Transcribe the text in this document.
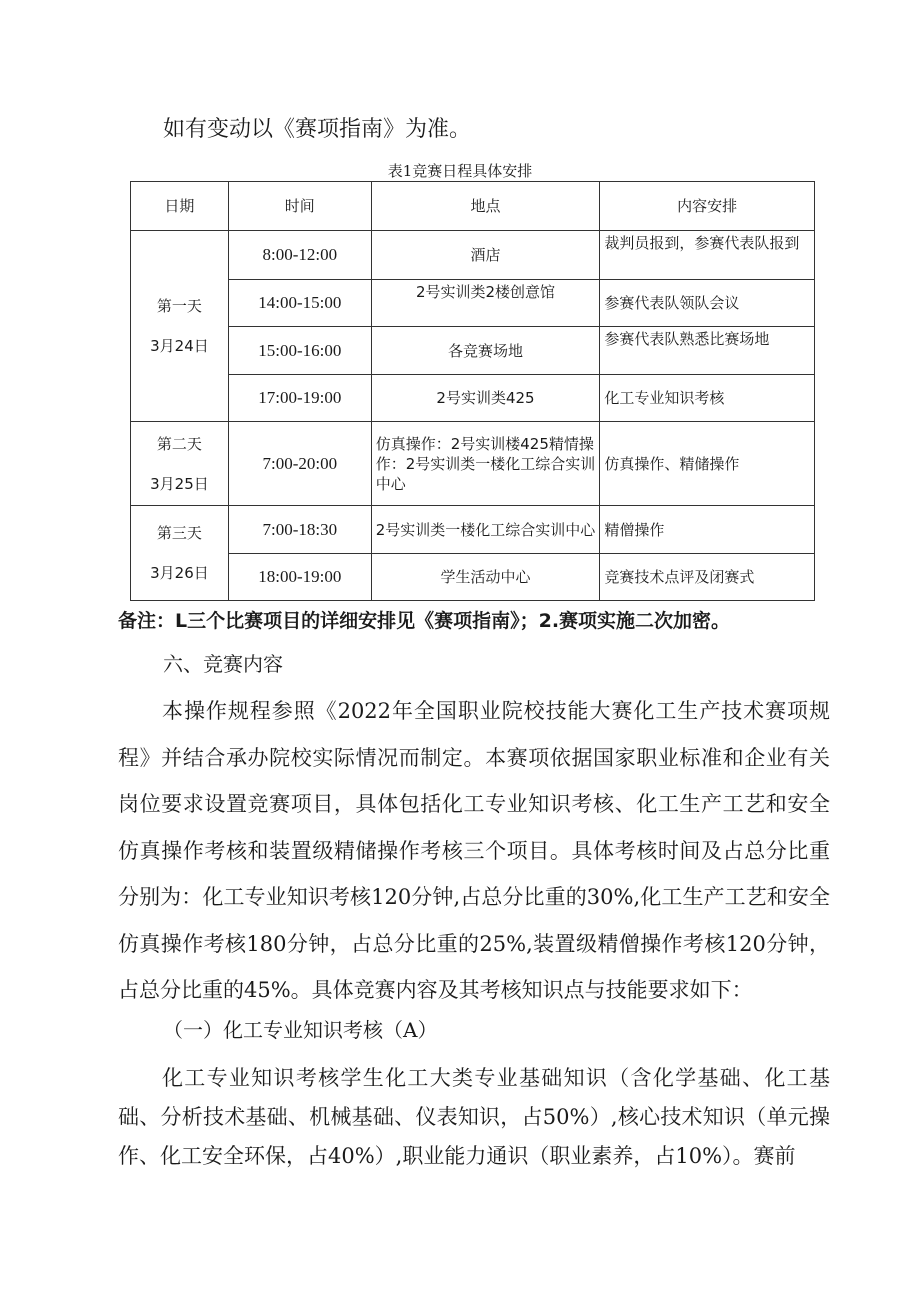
如有变动以《赛项指南》为准。
表1竞赛日程具体安排
日期	时间	地点	内容安排

第一天
3月24日	8:00-12:00	酒店	裁判员报到，参赛代表队报到
	14:00-15:00	2号实训类2楼创意馆	参赛代表队领队会议
	15:00-16:00	各竞赛场地	参赛代表队熟悉比赛场地
	17:00-19:00	2号实训类425	化工专业知识考核

第二天
3月25日	7:00-20:00	仿真操作：2号实训楼425精情操作：2号实训类一楼化工综合实训中心	仿真操作、精储操作

第三天
3月26日	7:00-18:30	2号实训类一楼化工综合实训中心	精僧操作
	18:00-19:00	学生活动中心	竞赛技术点评及闭赛式
备注：L三个比赛项目的详细安排见《赛项指南》；2.赛项实施二次加密。
六、竞赛内容
本操作规程参照《2022年全国职业院校技能大赛化工生产技术赛项规程》并结合承办院校实际情况而制定。本赛项依据国家职业标准和企业有关岗位要求设置竞赛项目，具体包括化工专业知识考核、化工生产工艺和安全仿真操作考核和装置级精储操作考核三个项目。具体考核时间及占总分比重分别为：化工专业知识考核120分钟,占总分比重的30%,化工生产工艺和安全仿真操作考核180分钟，占总分比重的25%,装置级精僧操作考核120分钟，占总分比重的45%。具体竞赛内容及其考核知识点与技能要求如下：
（一）化工专业知识考核（A）
化工专业知识考核学生化工大类专业基础知识（含化学基础、化工基础、分析技术基础、机械基础、仪表知识，占50%）,核心技术知识（单元操作、化工安全环保，占40%）,职业能力通识（职业素养，占10%）。赛前
